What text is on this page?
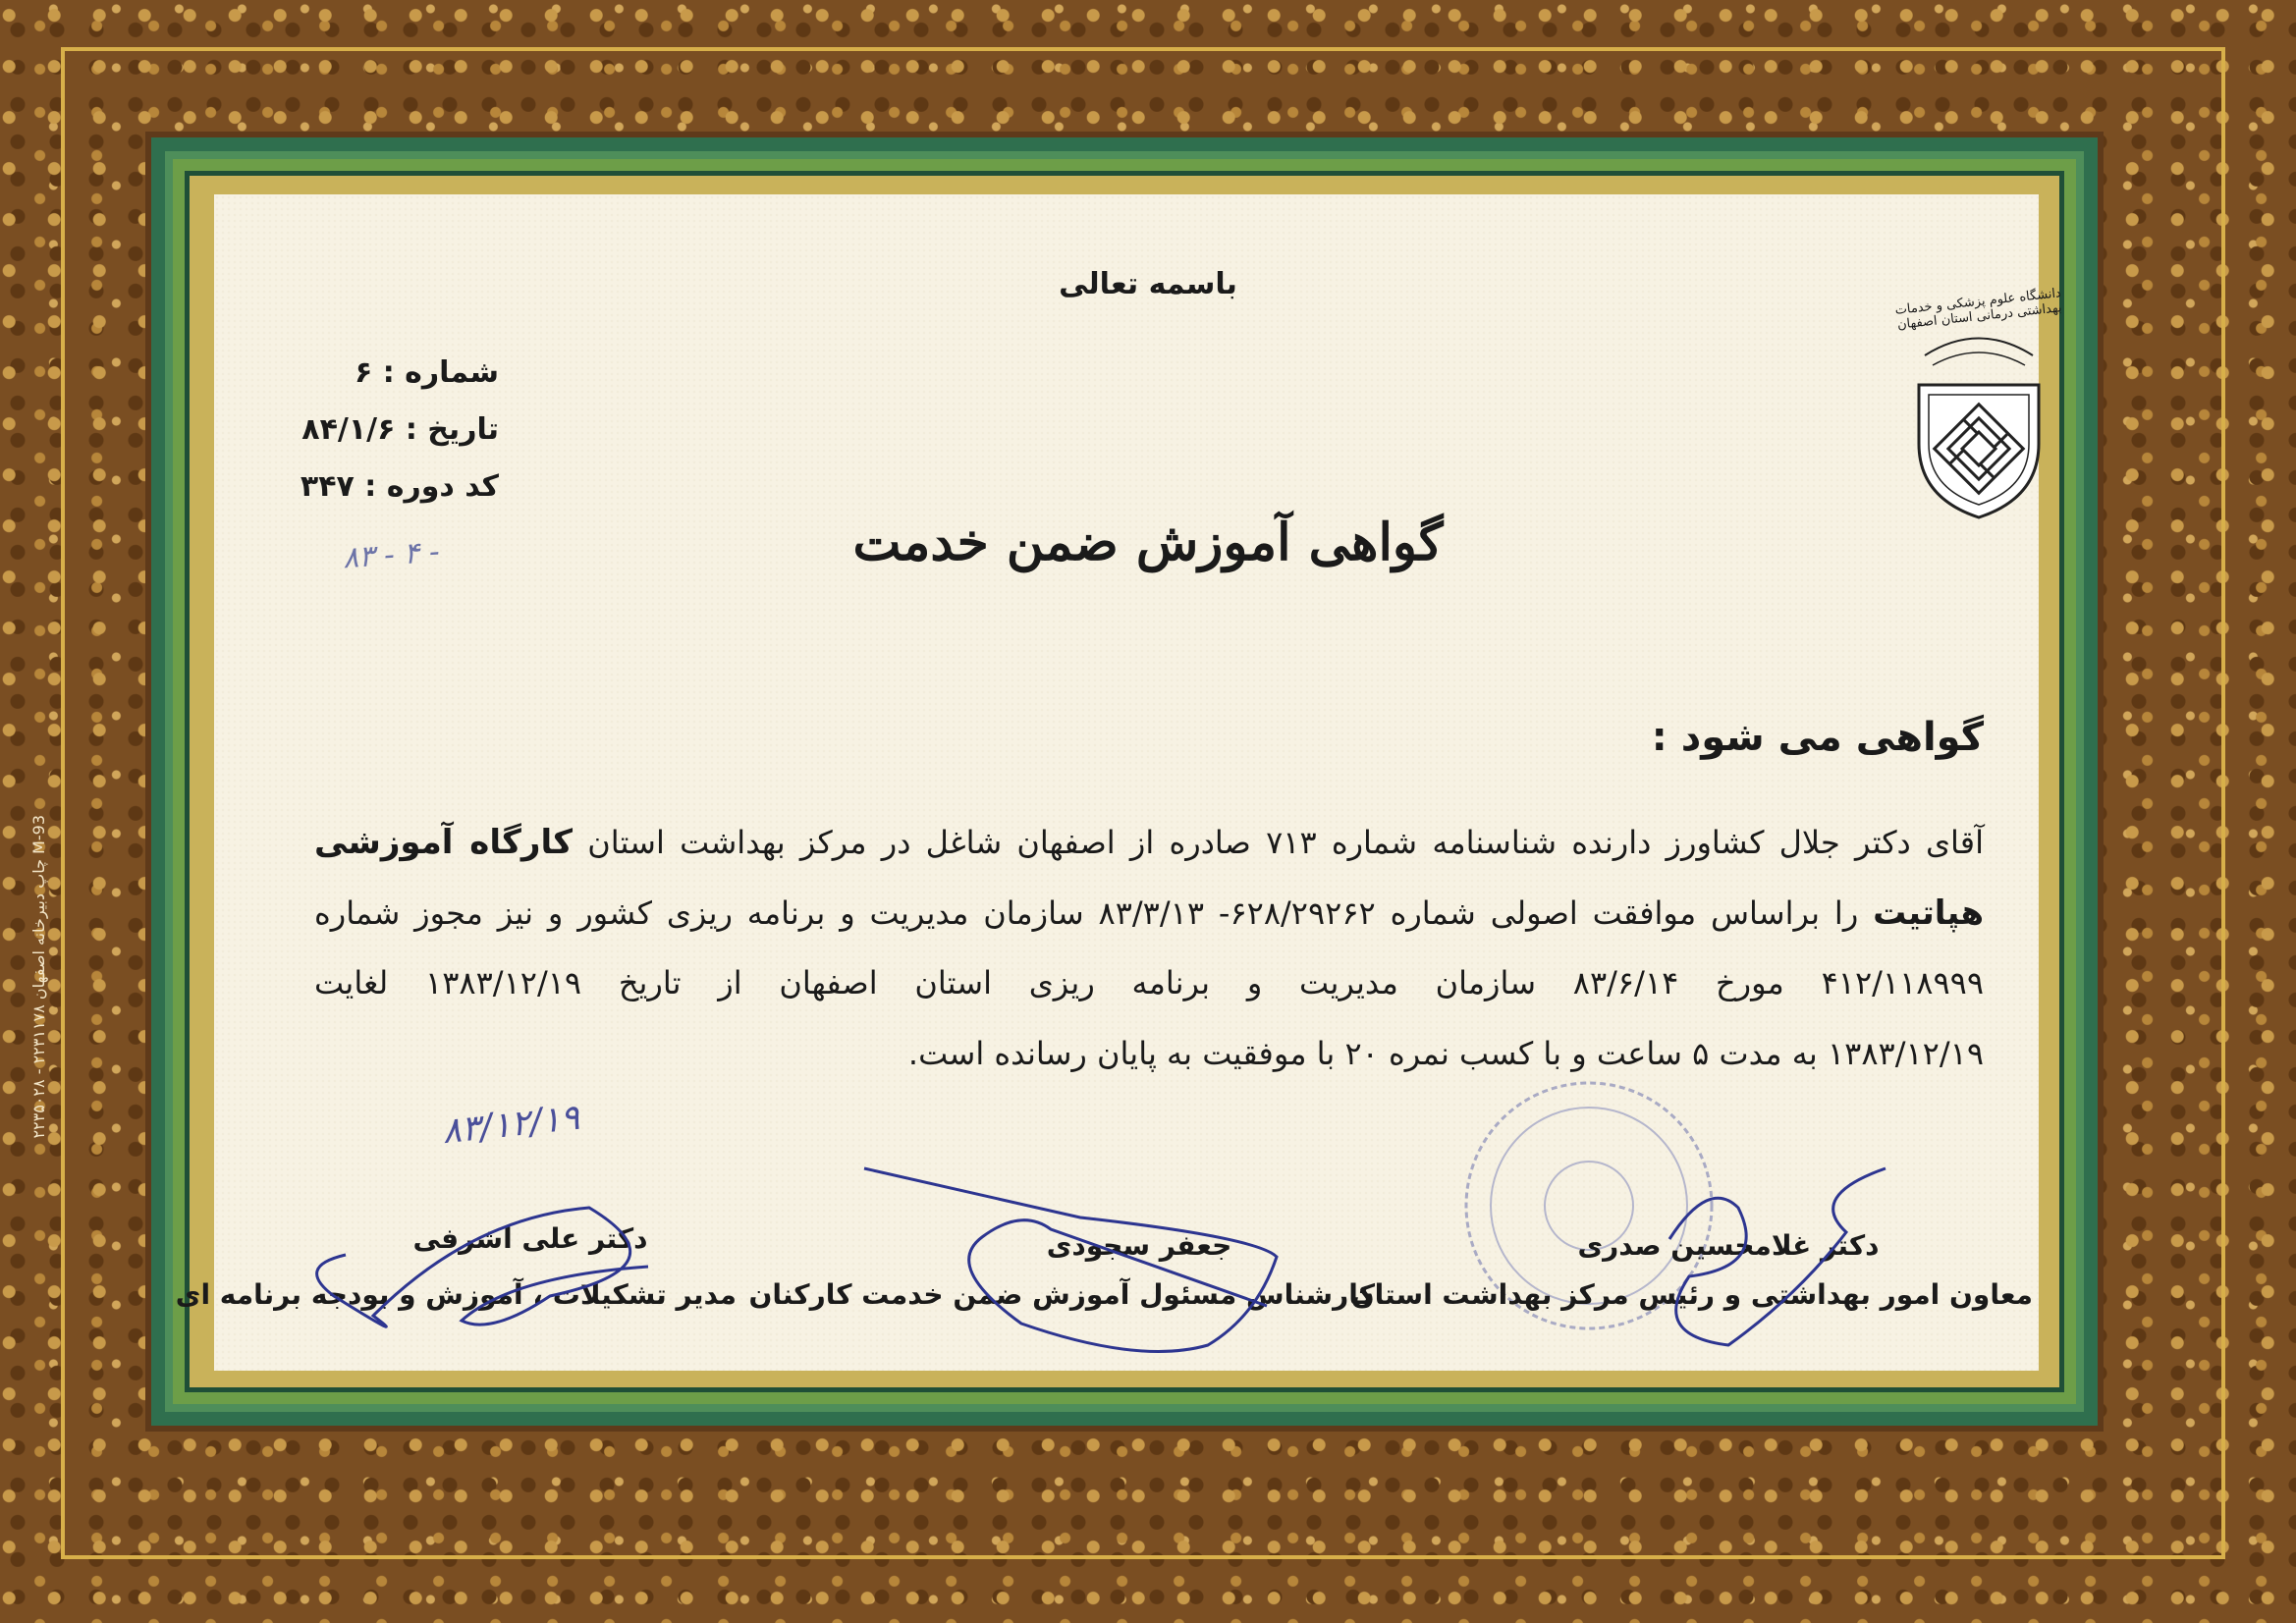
M-93 چاپ دبیرخانه اصفهان ۲۲۳۱۱۷۸ - ۲۲۳۵۰۲۸
دانشگاه علوم پزشکی و خدمات بهداشتی درمانی استان اصفهان
باسمه تعالی
شماره : ۶
تاریخ : ۸۴/۱/۶
کد دوره : ۳۴۷
۸۳ - ۴ -	گواهی آموزش ضمن خدمت
گواهی می شود :
آقای دکتر جلال کشاورز دارنده شناسنامه شماره ۷۱۳ صادره از اصفهان شاغل در مرکز بهداشت استان کارگاه آموزشی
هپاتیت را براساس موافقت اصولی شماره ۶۲۸/۲۹۲۶۲- ۸۳/۳/۱۳ سازمان مدیریت و برنامه ریزی کشور و نیز مجوز شماره
۴۱۲/۱۱۸۹۹۹ مورخ ۸۳/۶/۱۴ سازمان مدیریت و برنامه ریزی استان اصفهان از تاریخ ۱۳۸۳/۱۲/۱۹ لغایت
۱۳۸۳/۱۲/۱۹ به مدت ۵ ساعت و با کسب نمره ۲۰ با موفقیت به پایان رسانده است.
۸۳/۱۲/۱۹
دکتر غلامحسین صدری
معاون امور بهداشتی و رئیس مرکز بهداشت استان
جعفر سجودی
کارشناس مسئول آموزش ضمن خدمت کارکنان
دکتر علی اشرفی
مدیر تشکیلات ، آموزش و بودجه برنامه ای
